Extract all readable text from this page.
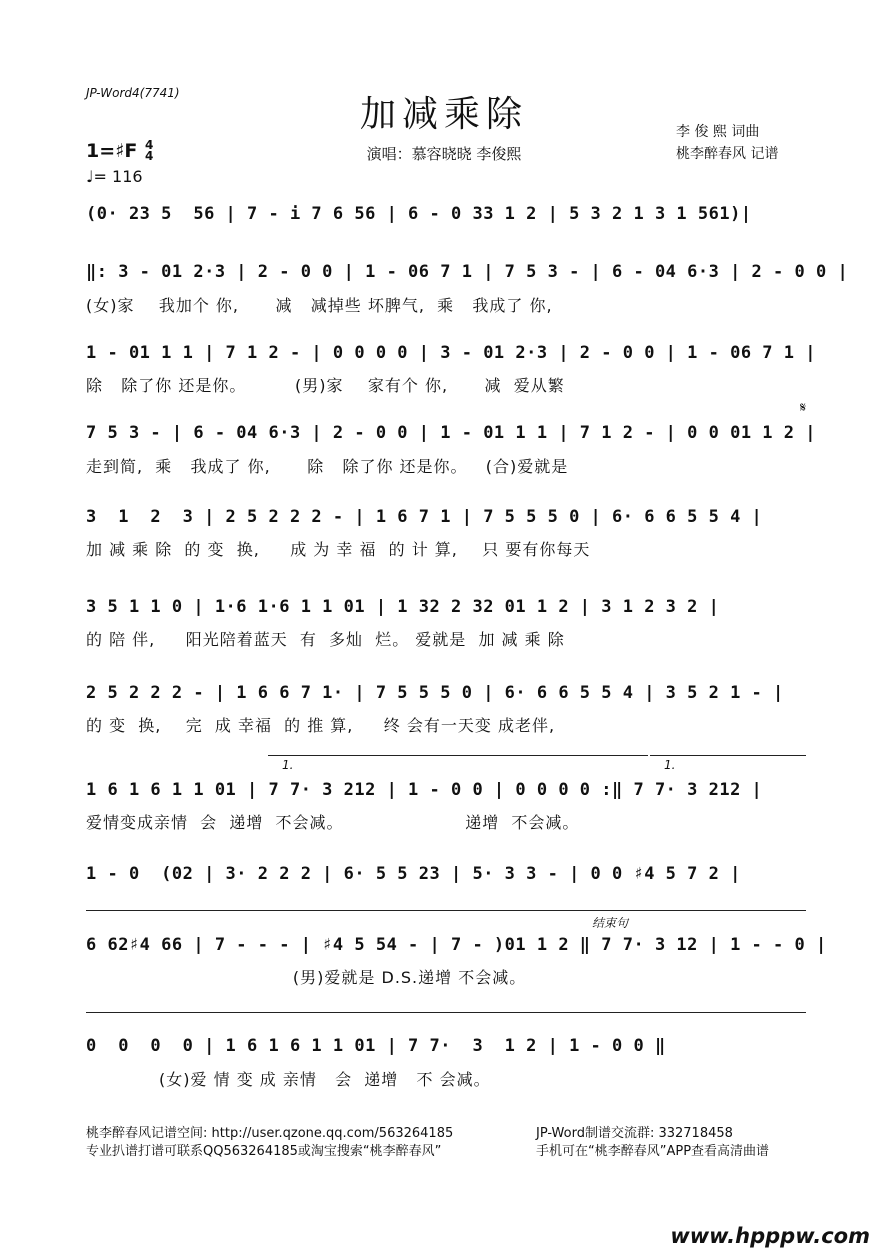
JP-Word4(7741)
加减乘除	李 俊 熙 词曲
桃李醉春风 记谱
1=♯F 4
4
♩= 116
演唱：慕容晓晓 李俊熙
(0· 23 5  56 | 7 - i 7 6 56 | 6 - 0 33 1 2 | 5 3 2 1 3 1 561)|
‖: 3 - 01 2·3 | 2 - 0 0 | 1 - 06 7 1 | 7 5 3 - | 6 - 04 6·3 | 2 - 0 0 |
(女)家    我加个 你,      减   减掉些 坏脾气,  乘   我成了 你,
1 - 01 1 1 | 7 1 2 - | 0 0 0 0 | 3 - 01 2·3 | 2 - 0 0 | 1 - 06 7 1 |
除   除了你 还是你。        (男)家    家有个 你,      减  爱从繁
𝄋
7 5 3 - | 6 - 04 6·3 | 2 - 0 0 | 1 - 01 1 1 | 7 1 2 - | 0 0 01 1 2 |
走到简,  乘   我成了 你,      除   除了你 还是你。   (合)爱就是
3  1  2  3 | 2 5 2 2 2 - | 1 6 7 1 | 7 5 5 5 0 | 6· 6 6 5 5 4 |
加 减 乘 除  的 变  换,     成 为 幸 福  的 计 算,    只 要有你每天
3 5 1 1 0 | 1·6 1·6 1 1 01 | 1 32 2 32 01 1 2 | 3 1 2 3 2 |
的 陪 伴,     阳光陪着蓝天  有  多灿  烂。 爱就是  加 减 乘 除
2 5 2 2 2 - | 1 6 6 7 1· | 7 5 5 5 0 | 6· 6 6 5 5 4 | 3 5 2 1 - |
的 变  换,    完  成 幸福  的 推 算,     终 会有一天变 成老伴,
1.	1.
1 6 1 6 1 1 01 | 7 7· 3 212 | 1 - 0 0 | 0 0 0 0 :‖ 7 7· 3 212 |
爱情变成亲情  会  递增  不会减。                    递增  不会减。
1 - 0  (02 | 3· 2 2 2 | 6· 5 5 23 | 5· 3 3 - | 0 0 ♯4 5 7 2 |
结束句
6 62♯4 66 | 7 - - - | ♯4 5 54 - | 7 - )01 1 2 ‖ 7 7· 3 12 | 1 - - 0 |
(男)爱就是 D.S.递增 不会减。
0  0  0  0 | 1 6 1 6 1 1 01 | 7 7·  3  1 2 | 1 - 0 0 ‖
(女)爱 情 变 成 亲情   会  递增   不 会减。
桃李醉春风记谱空间: http://user.qzone.qq.com/563264185
专业扒谱打谱可联系QQ563264185或淘宝搜索“桃李醉春风”
JP-Word制谱交流群: 332718458
手机可在“桃李醉春风”APP查看高清曲谱
www.hpppw.com
